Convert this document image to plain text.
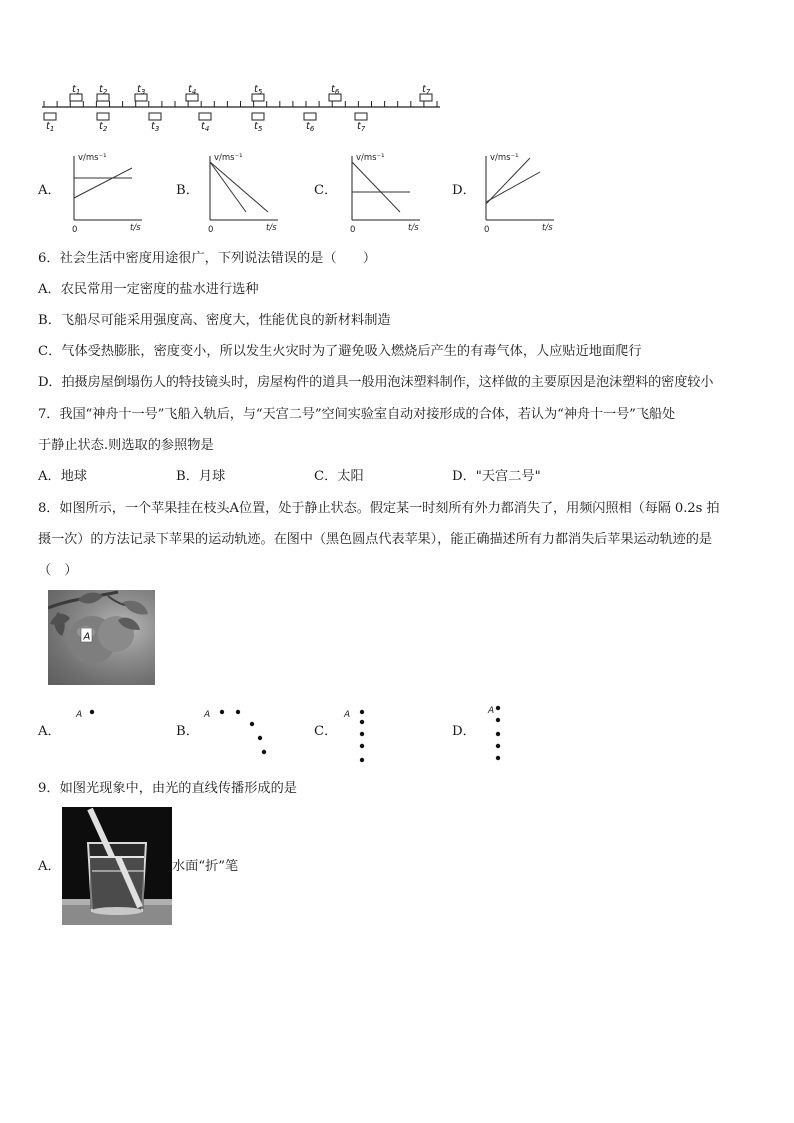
$t_1$ $t_2$	$t_3$	$t_4$	$t_5$	$t_6$	$t_7$
$t_1$	$t_2$	$t_3$	$t_4$	$t_5$	$t_6$	$t_7$
A．
v/ms⁻¹
t/s
0
B．
v/ms⁻¹
t/s
0
C．
v/ms⁻¹
t/s
0
D．
v/ms⁻¹
t/s
0
6．社会生活中密度用途很广，下列说法错误的是（　　）
A．农民常用一定密度的盐水进行选种
B．飞船尽可能采用强度高、密度大，性能优良的新材料制造
C．气体受热膨胀，密度变小，所以发生火灾时为了避免吸入燃烧后产生的有毒气体，人应贴近地面爬行
D．拍摄房屋倒塌伤人的特技镜头时，房屋构件的道具一般用泡沫塑料制作，这样做的主要原因是泡沫塑料的密度较小
7．我国“神舟十一号”飞船入轨后，与“天宫二号”空间实验室自动对接形成的合体，若认为“神舟十一号”飞船处
于静止状态.则选取的参照物是
A．地球	B．月球	C．太阳	D．"天宫二号"
8．如图所示，一个苹果挂在枝头A位置，处于静止状态。假定某一时刻所有外力都消失了，用频闪照相（每隔 0.2s 拍
摄一次）的方法记录下苹果的运动轨迹。在图中（黑色圆点代表苹果），能正确描述所有力都消失后苹果运动轨迹的是
（　）
A
A．
A
B．
A
C．
A
D．
A
9．如图光现象中，由光的直线传播形成的是
A．	水面“折”笔
